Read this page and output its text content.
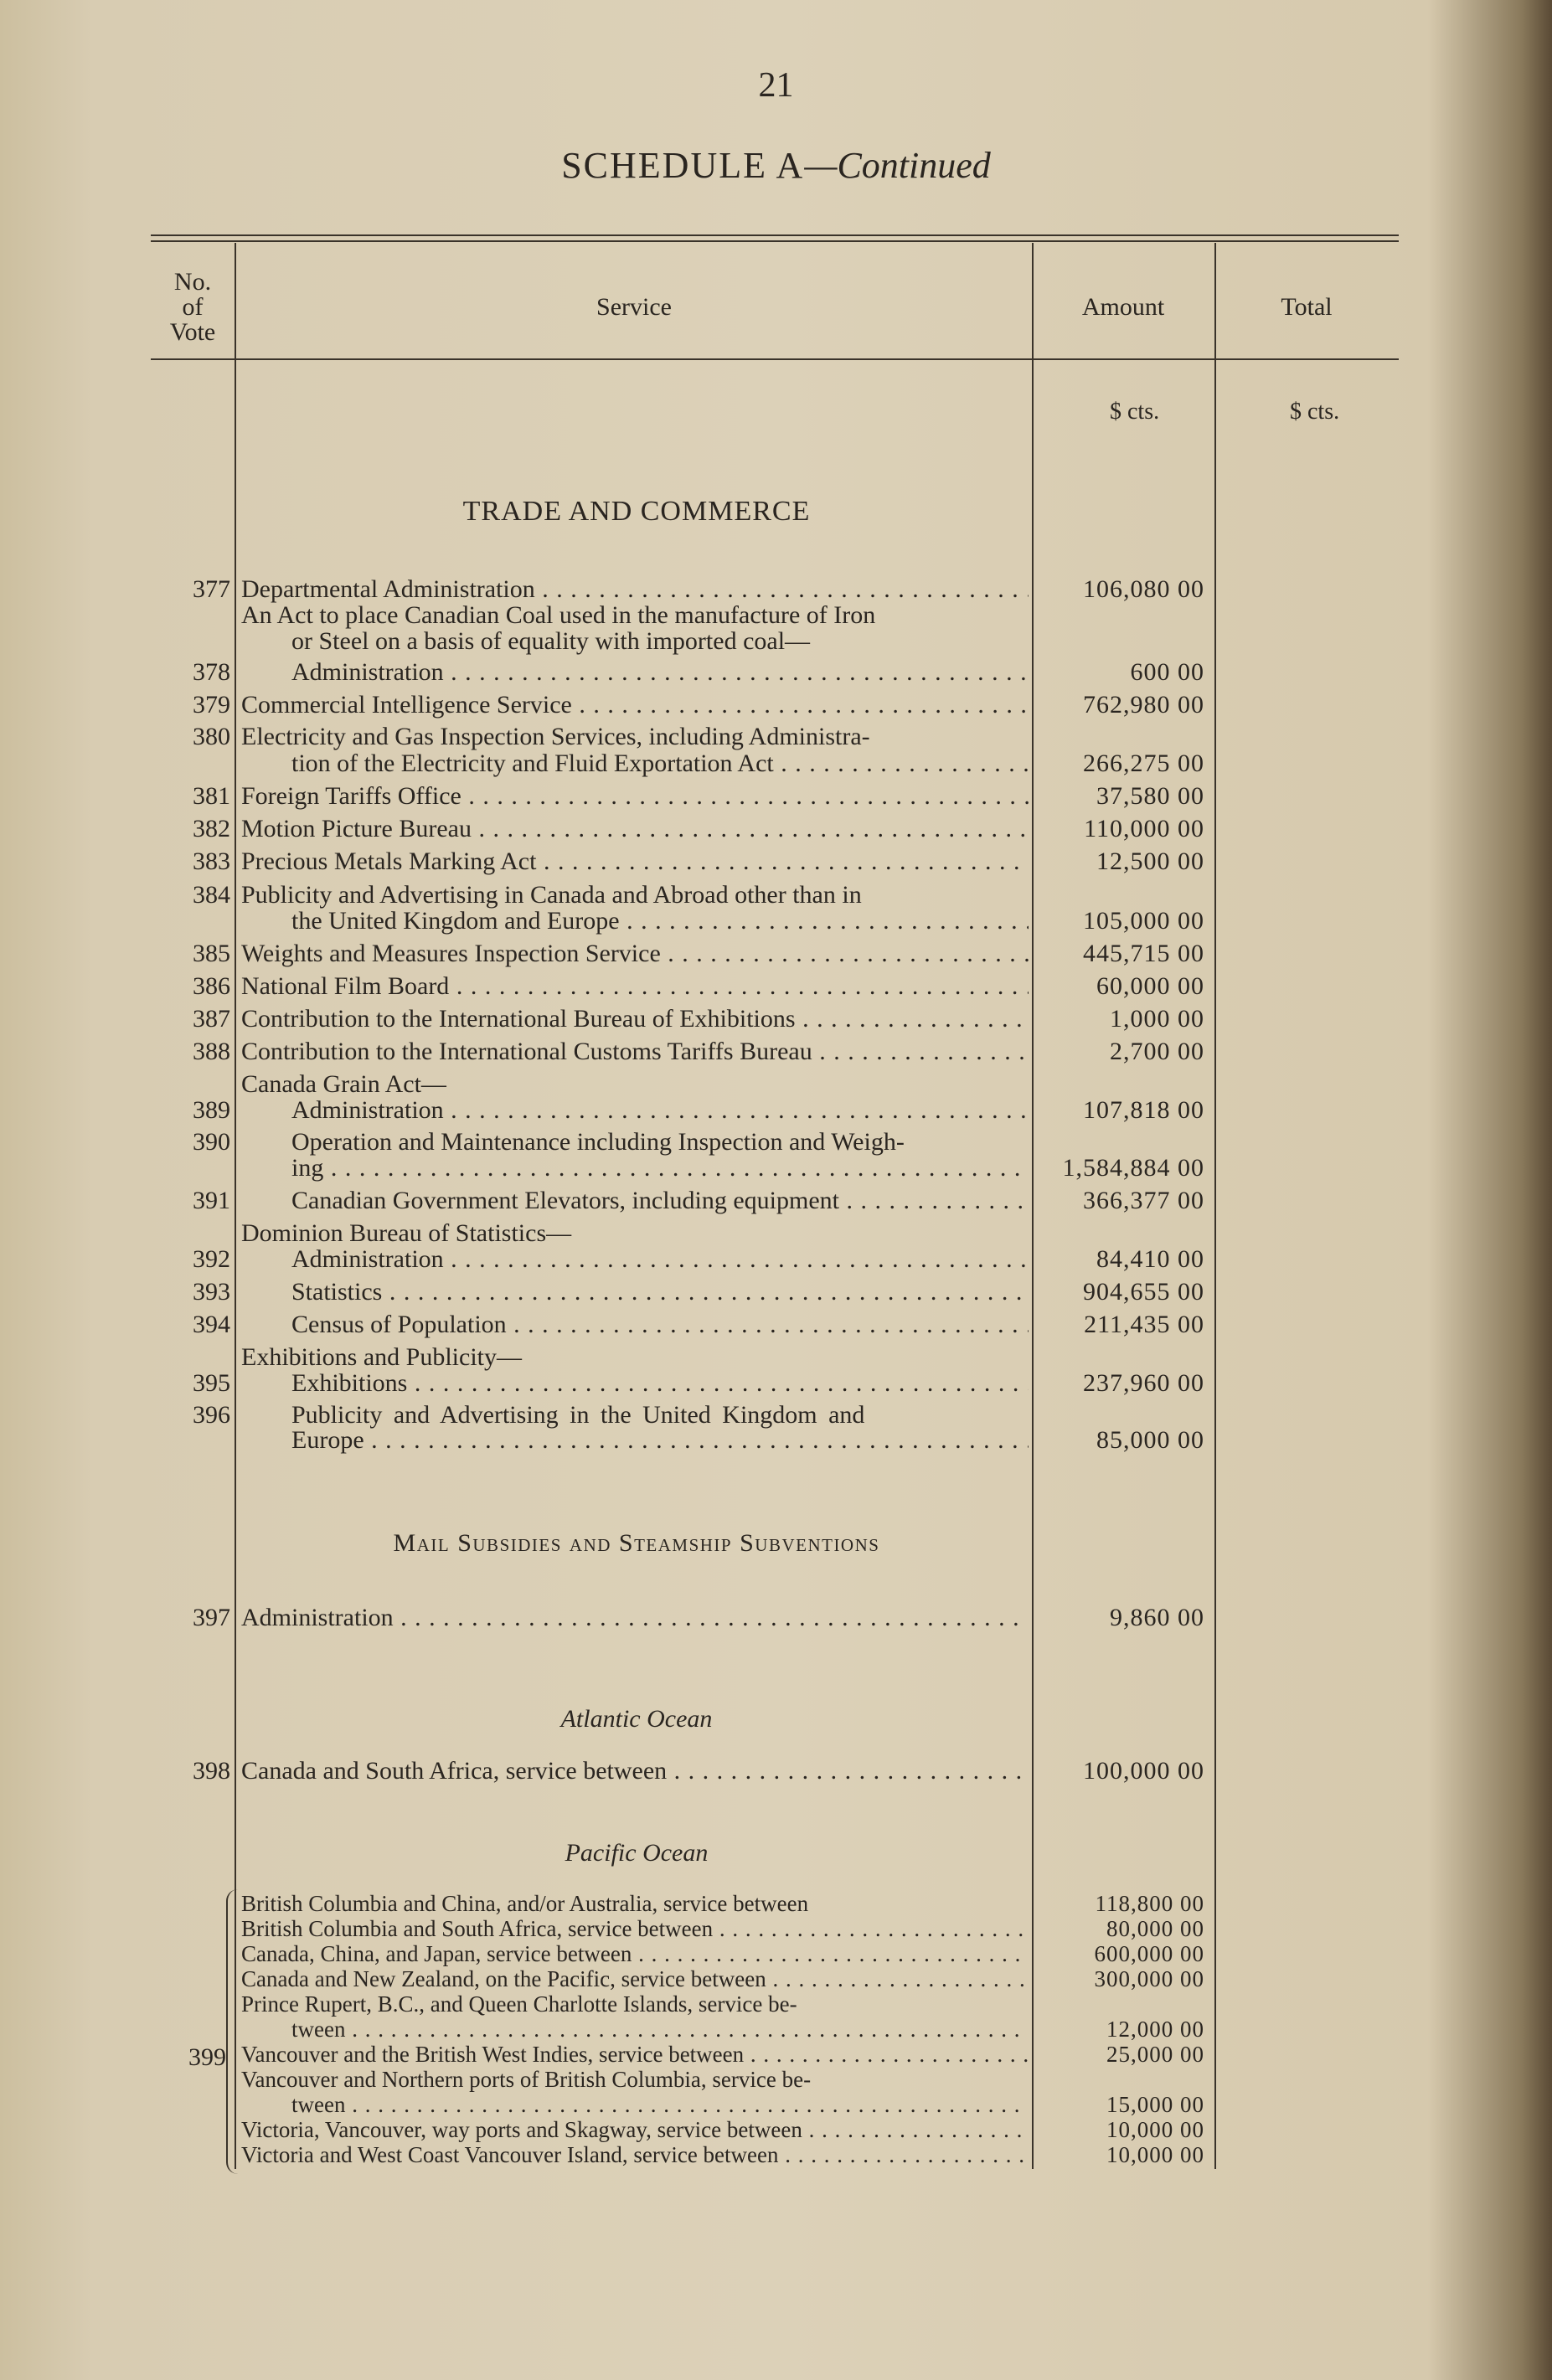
21
SCHEDULE A—Continued
No.
of
Vote
Service	Amount	Total
$ cts.	$ cts.
TRADE AND COMMERCE
Mail Subsidies and Steamship Subventions
Atlantic Ocean
Pacific Ocean
377 Departmental Administration . . .	106,080 00
An Act to place Canadian Coal used in the manufacture of Iron
or Steel on a basis of equality with imported coal—
378 Administration . . .	600 00
379 Commercial Intelligence Service . . .	762,980 00
380 Electricity and Gas Inspection Services, including Administra-
tion of the Electricity and Fluid Exportation Act . . .	266,275 00
381 Foreign Tariffs Office . . .	37,580 00
382 Motion Picture Bureau . . .	110,000 00
383 Precious Metals Marking Act . . .	12,500 00
384 Publicity and Advertising in Canada and Abroad other than in
the United Kingdom and Europe . . .	105,000 00
385 Weights and Measures Inspection Service . . .	445,715 00
386 National Film Board . . .	60,000 00
387 Contribution to the International Bureau of Exhibitions . . .	1,000 00
388 Contribution to the International Customs Tariffs Bureau . . .	2,700 00
Canada Grain Act—
389 Administration . . .	107,818 00
390 Operation and Maintenance including Inspection and Weigh-
ing . . .	1,584,884 00
391 Canadian Government Elevators, including equipment . . .	366,377 00
Dominion Bureau of Statistics—
392 Administration . . .	84,410 00
393 Statistics . . .	904,655 00
394 Census of Population . . .	211,435 00
Exhibitions and Publicity—
395 Exhibitions . . .	237,960 00
396 Publicity and Advertising in the United Kingdom and
Europe . . .	85,000 00
397 Administration . . .	9,860 00
398 Canada and South Africa, service between . . .	100,000 00
399
British Columbia and China, and/or Australia, service between	118,800 00
British Columbia and South Africa, service between . . .	80,000 00
Canada, China, and Japan, service between . . .	600,000 00
Canada and New Zealand, on the Pacific, service between . . .	300,000 00
Prince Rupert, B.C., and Queen Charlotte Islands, service be-
tween . . .	12,000 00
Vancouver and the British West Indies, service between . . .	25,000 00
Vancouver and Northern ports of British Columbia, service be-
tween . . .	15,000 00
Victoria, Vancouver, way ports and Skagway, service between . . .	10,000 00
Victoria and West Coast Vancouver Island, service between . . .	10,000 00
